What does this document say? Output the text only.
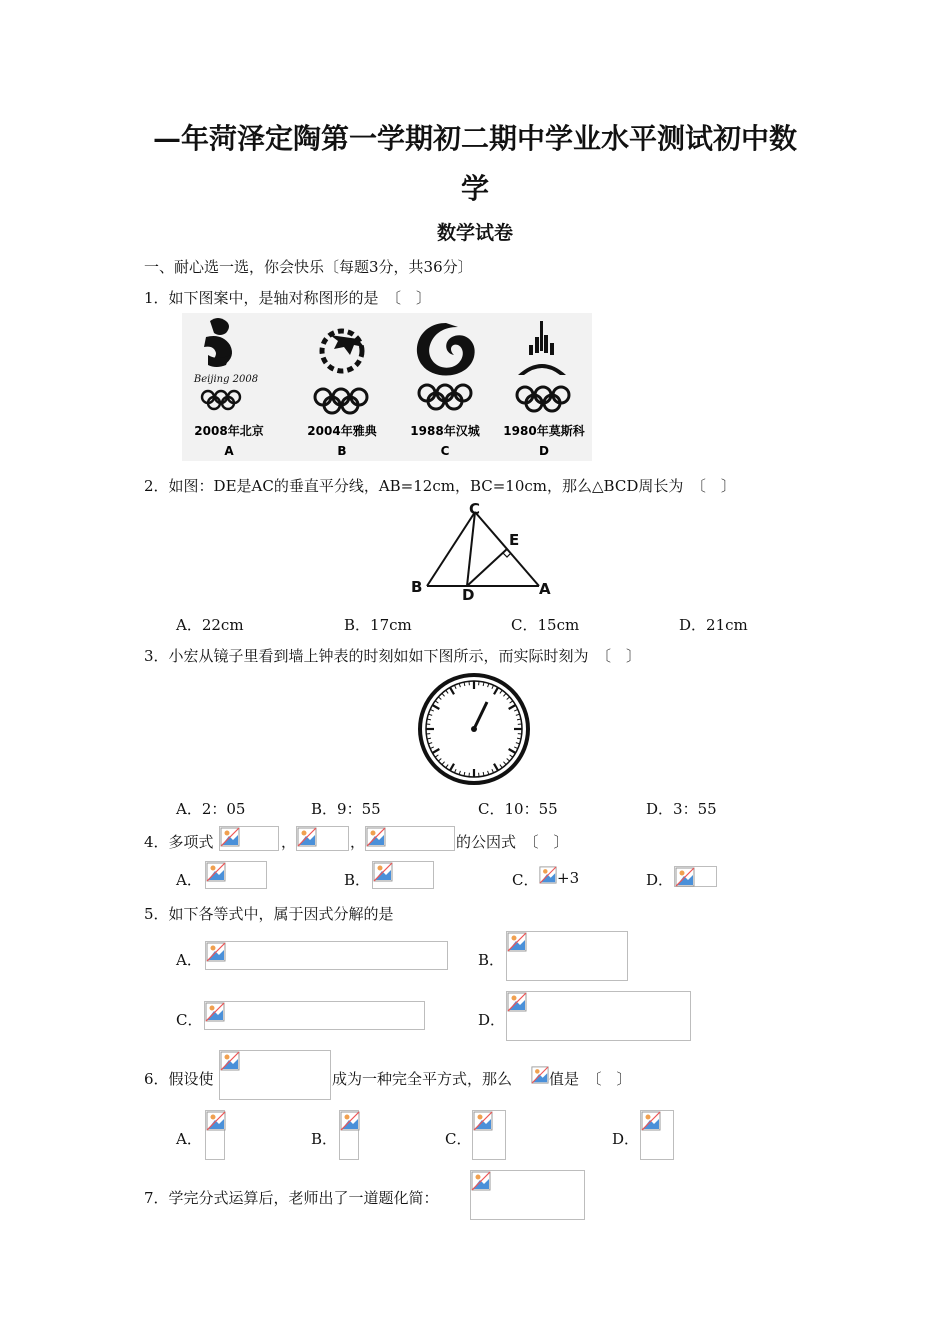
—年菏泽定陶第一学期初二期中学业水平测试初中数
学
数学试卷
一、耐心选一选，你会快乐〔每题3分，共36分〕
1．如下图案中，是轴对称图形的是　〔　〕
Beijing 2008
2008年北京
A
2004年雅典
B
1988年汉城
C
1980年莫斯科
D
2．如图：DE是AC的垂直平分线，AB=12cm，BC=10cm，那么△BCD周长为　〔　〕
C
E
B	D	A
A．22cm	B．17cm	C．15cm	D．21cm
3．小宏从镜子里看到墙上钟表的时刻如如下图所示，而实际时刻为　〔　〕
A．2：05	B．9：55	C．10：55	D．3：55
4．多项式	，	，	的公因式　〔　〕
A．	B．	C． +3	D．
5．如下各等式中，属于因式分解的是
A．	B．
C．	D．
6．假设使	成为一种完全平方式，那么 值是　〔　〕
A．	B．	C．	D．
7．学完分式运算后，老师出了一道题化简：
